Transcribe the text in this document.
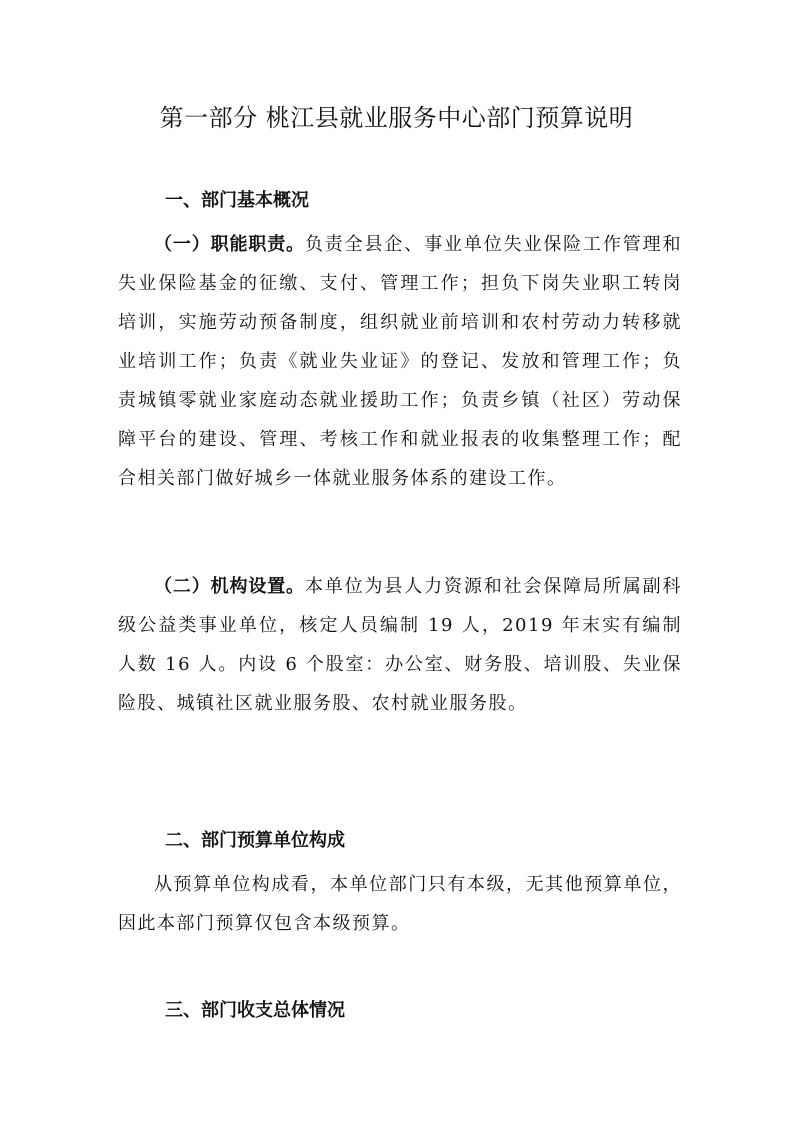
第一部分 桃江县就业服务中心部门预算说明
一、部门基本概况
（一）职能职责。负责全县企、事业单位失业保险工作管理和失业保险基金的征缴、支付、管理工作；担负下岗失业职工转岗培训，实施劳动预备制度，组织就业前培训和农村劳动力转移就业培训工作；负责《就业失业证》的登记、发放和管理工作；负责城镇零就业家庭动态就业援助工作；负责乡镇（社区）劳动保障平台的建设、管理、考核工作和就业报表的收集整理工作；配合相关部门做好城乡一体就业服务体系的建设工作。
（二）机构设置。本单位为县人力资源和社会保障局所属副科级公益类事业单位，核定人员编制 19 人，2019 年末实有编制人数 16 人。内设 6 个股室：办公室、财务股、培训股、失业保险股、城镇社区就业服务股、农村就业服务股。
二、部门预算单位构成
从预算单位构成看，本单位部门只有本级，无其他预算单位，因此本部门预算仅包含本级预算。
三、部门收支总体情况
